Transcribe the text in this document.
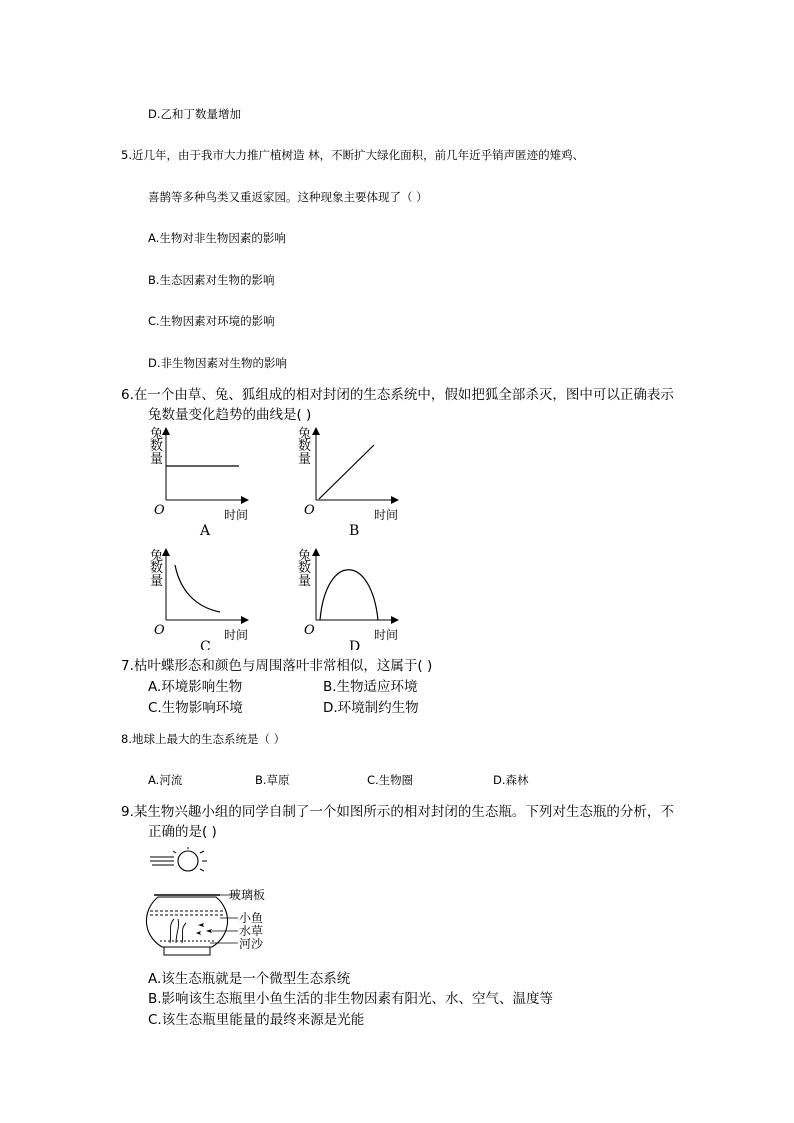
D.乙和丁数量增加
5.近几年，由于我市大力推广植树造 林，不断扩大绿化面积，前几年近乎销声匿迹的雉鸡、
喜鹊等多种鸟类又重返家园。这种现象主要体现了（ ）
A.生物对非生物因素的影响
B.生态因素对生物的影响
C.生物因素对环境的影响
D.非生物因素对生物的影响
6.在一个由草、兔、狐组成的相对封闭的生态系统中，假如把狐全部杀灭，图中可以正确表示
兔数量变化趋势的曲线是( )
兔
数
量
O	时间
A
兔
数
量
O	时间
B
兔
数
量
O	时间
C
兔
数
量
O	时间
D
7.枯叶蝶形态和颜色与周围落叶非常相似，这属于( )
A.环境影响生物	B.生物适应环境
C.生物影响环境	D.环境制约生物
8.地球上最大的生态系统是（ ）
A.河流	B.草原	C.生物圈	D.森林
9.某生物兴趣小组的同学自制了一个如图所示的相对封闭的生态瓶。下列对生态瓶的分析，不
正确的是( )
玻璃板
小鱼
水草
河沙
A.该生态瓶就是一个微型生态系统
B.影响该生态瓶里小鱼生活的非生物因素有阳光、水、空气、温度等
C.该生态瓶里能量的最终来源是光能
